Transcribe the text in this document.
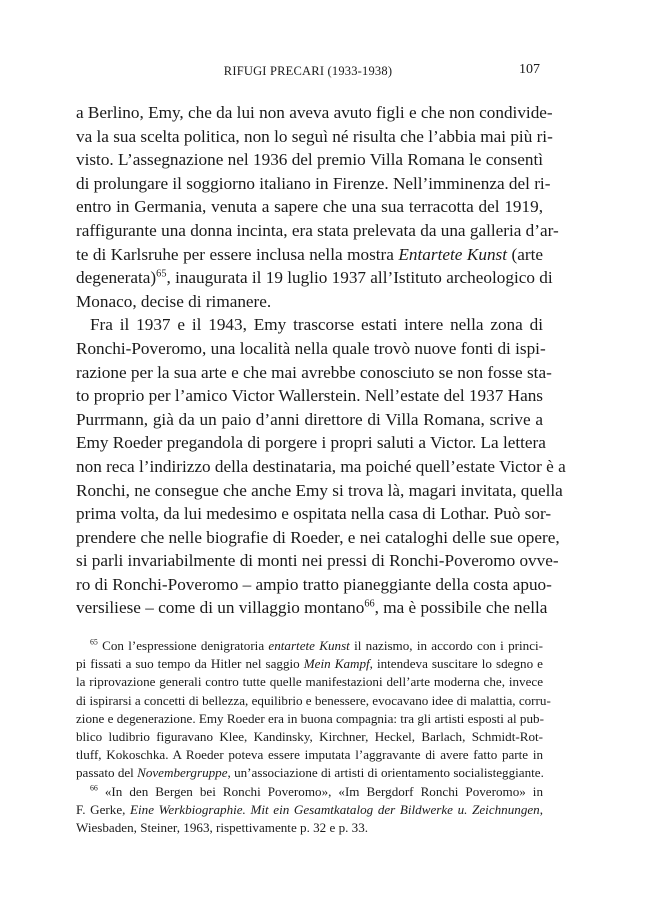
RIFUGI PRECARI (1933-1938)	107
a Berlino, Emy, che da lui non aveva avuto figli e che non condivide-
va la sua scelta politica, non lo seguì né risulta che l’abbia mai più ri-
visto. L’assegnazione nel 1936 del premio Villa Romana le consentì
di prolungare il soggiorno italiano in Firenze. Nell’imminenza del ri-
entro in Germania, venuta a sapere che una sua terracotta del 1919,
raffigurante una donna incinta, era stata prelevata da una galleria d’ar-
te di Karlsruhe per essere inclusa nella mostra Entartete Kunst (arte
degenerata)$^{65}$, inaugurata il 19 luglio 1937 all’Istituto archeologico di
Monaco, decise di rimanere.
Fra il 1937 e il 1943, Emy trascorse estati intere nella zona di
Ronchi-Poveromo, una località nella quale trovò nuove fonti di ispi-
razione per la sua arte e che mai avrebbe conosciuto se non fosse sta-
to proprio per l’amico Victor Wallerstein. Nell’estate del 1937 Hans
Purrmann, già da un paio d’anni direttore di Villa Romana, scrive a
Emy Roeder pregandola di porgere i propri saluti a Victor. La lettera
non reca l’indirizzo della destinataria, ma poiché quell’estate Victor è a
Ronchi, ne consegue che anche Emy si trova là, magari invitata, quella
prima volta, da lui medesimo e ospitata nella casa di Lothar. Può sor-
prendere che nelle biografie di Roeder, e nei cataloghi delle sue opere,
si parli invariabilmente di monti nei pressi di Ronchi-Poveromo ovve-
ro di Ronchi-Poveromo – ampio tratto pianeggiante della costa apuo-
versiliese – come di un villaggio montano$^{66}$, ma è possibile che nella
$^{65}$ Con l’espressione denigratoria entartete Kunst il nazismo, in accordo con i princi-
pi fissati a suo tempo da Hitler nel saggio Mein Kampf, intendeva suscitare lo sdegno e
la riprovazione generali contro tutte quelle manifestazioni dell’arte moderna che, invece
di ispirarsi a concetti di bellezza, equilibrio e benessere, evocavano idee di malattia, corru-
zione e degenerazione. Emy Roeder era in buona compagnia: tra gli artisti esposti al pub-
blico ludibrio figuravano Klee, Kandinsky, Kirchner, Heckel, Barlach, Schmidt-Rot-
tluff, Kokoschka. A Roeder poteva essere imputata l’aggravante di avere fatto parte in
passato del Novembergruppe, un’associazione di artisti di orientamento socialisteggiante.
$^{66}$ «In den Bergen bei Ronchi Poveromo», «Im Bergdorf Ronchi Poveromo» in
F. Gerke, Eine Werkbiographie. Mit ein Gesamtkatalog der Bildwerke u. Zeichnungen,
Wiesbaden, Steiner, 1963, rispettivamente p. 32 e p. 33.
